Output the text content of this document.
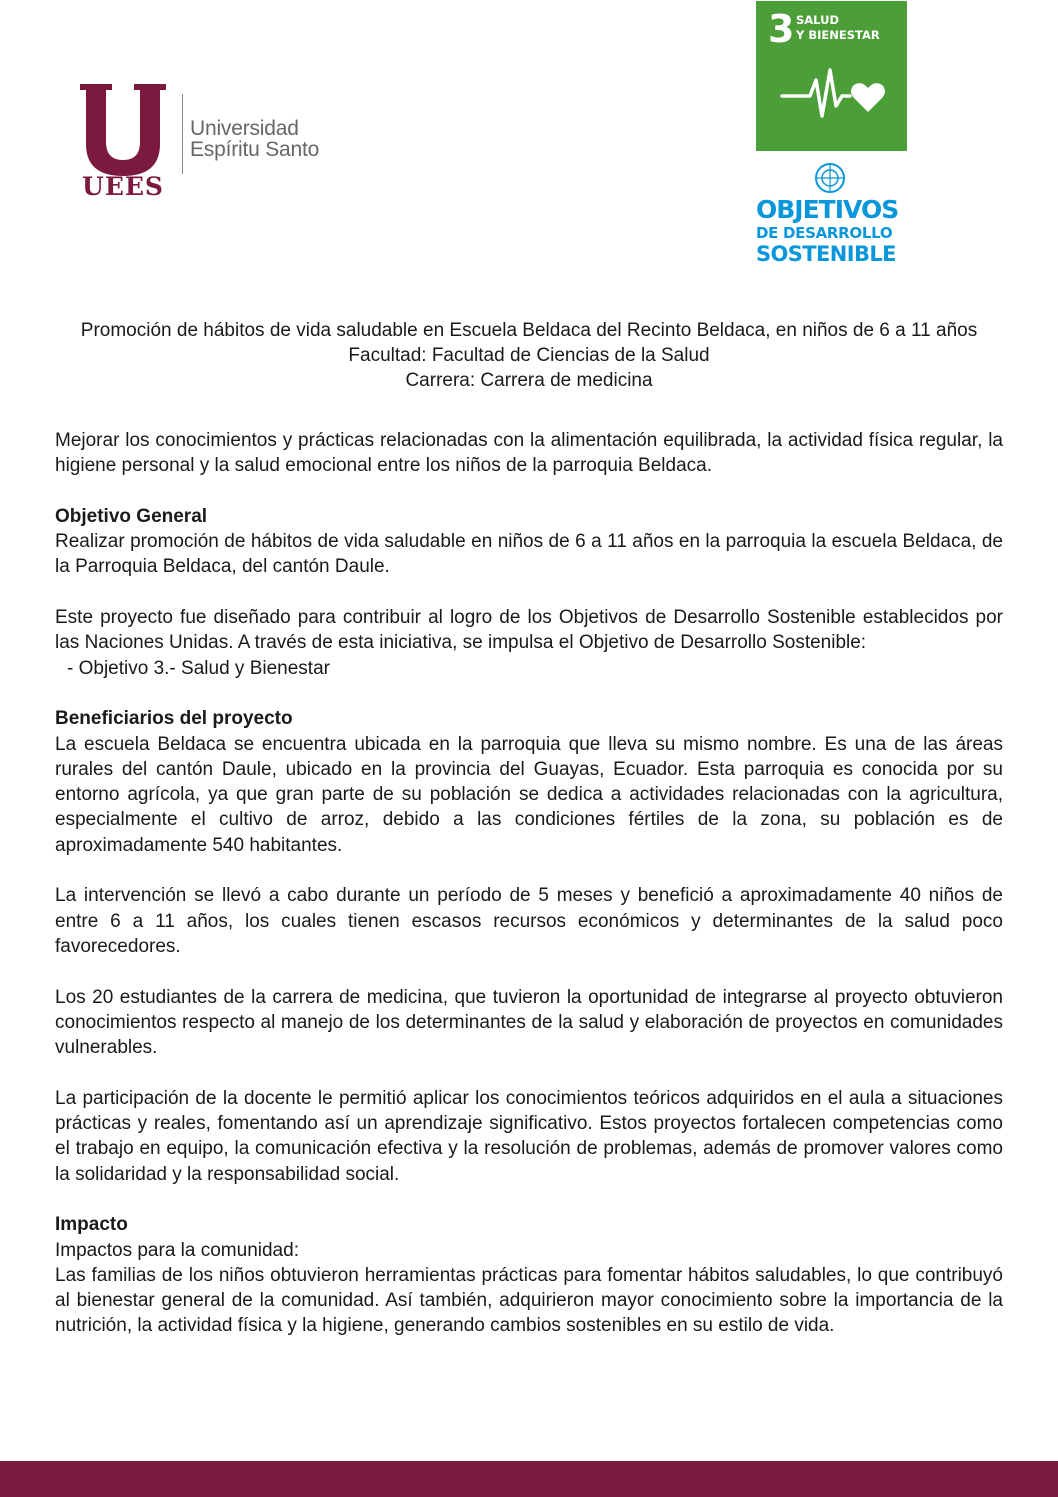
UEES
Universidad
Espíritu Santo
3 SALUD
Y BIENESTAR
OBJETIVOS
DE DESARROLLO
SOSTENIBLE
Promoción de hábitos de vida saludable en Escuela Beldaca del Recinto Beldaca, en niños de 6 a 11 años
Facultad: Facultad de Ciencias de la Salud
Carrera: Carrera de medicina

Mejorar los conocimientos y prácticas relacionadas con la alimentación equilibrada, la actividad física regular, la higiene personal y la salud emocional entre los niños de la parroquia Beldaca.

Objetivo General
Realizar promoción de hábitos de vida saludable en niños de 6 a 11 años en la parroquia la escuela Beldaca, de la Parroquia Beldaca, del cantón Daule.

Este proyecto fue diseñado para contribuir al logro de los Objetivos de Desarrollo Sostenible establecidos por las Naciones Unidas. A través de esta iniciativa, se impulsa el Objetivo de Desarrollo Sostenible:
- Objetivo 3.- Salud y Bienestar

Beneficiarios del proyecto
La escuela Beldaca se encuentra ubicada en la parroquia que lleva su mismo nombre. Es una de las áreas rurales del cantón Daule, ubicado en la provincia del Guayas, Ecuador. Esta parroquia es conocida por su entorno agrícola, ya que gran parte de su población se dedica a actividades relacionadas con la agricultura, especialmente el cultivo de arroz, debido a las condiciones fértiles de la zona, su población es de aproximadamente 540 habitantes.

La intervención se llevó a cabo durante un período de 5 meses y benefició a aproximadamente 40 niños de entre 6 a 11 años, los cuales tienen escasos recursos económicos y determinantes de la salud poco favorecedores.

Los 20 estudiantes de la carrera de medicina, que tuvieron la oportunidad de integrarse al proyecto obtuvieron conocimientos respecto al manejo de los determinantes de la salud y elaboración de proyectos en comunidades vulnerables.

La participación de la docente le permitió aplicar los conocimientos teóricos adquiridos en el aula a situaciones prácticas y reales, fomentando así un aprendizaje significativo. Estos proyectos fortalecen competencias como el trabajo en equipo, la comunicación efectiva y la resolución de problemas, además de promover valores como la solidaridad y la responsabilidad social.

Impacto
Impactos para la comunidad:
Las familias de los niños obtuvieron herramientas prácticas para fomentar hábitos saludables, lo que contribuyó al bienestar general de la comunidad. Así también, adquirieron mayor conocimiento sobre la importancia de la nutrición, la actividad física y la higiene, generando cambios sostenibles en su estilo de vida.
